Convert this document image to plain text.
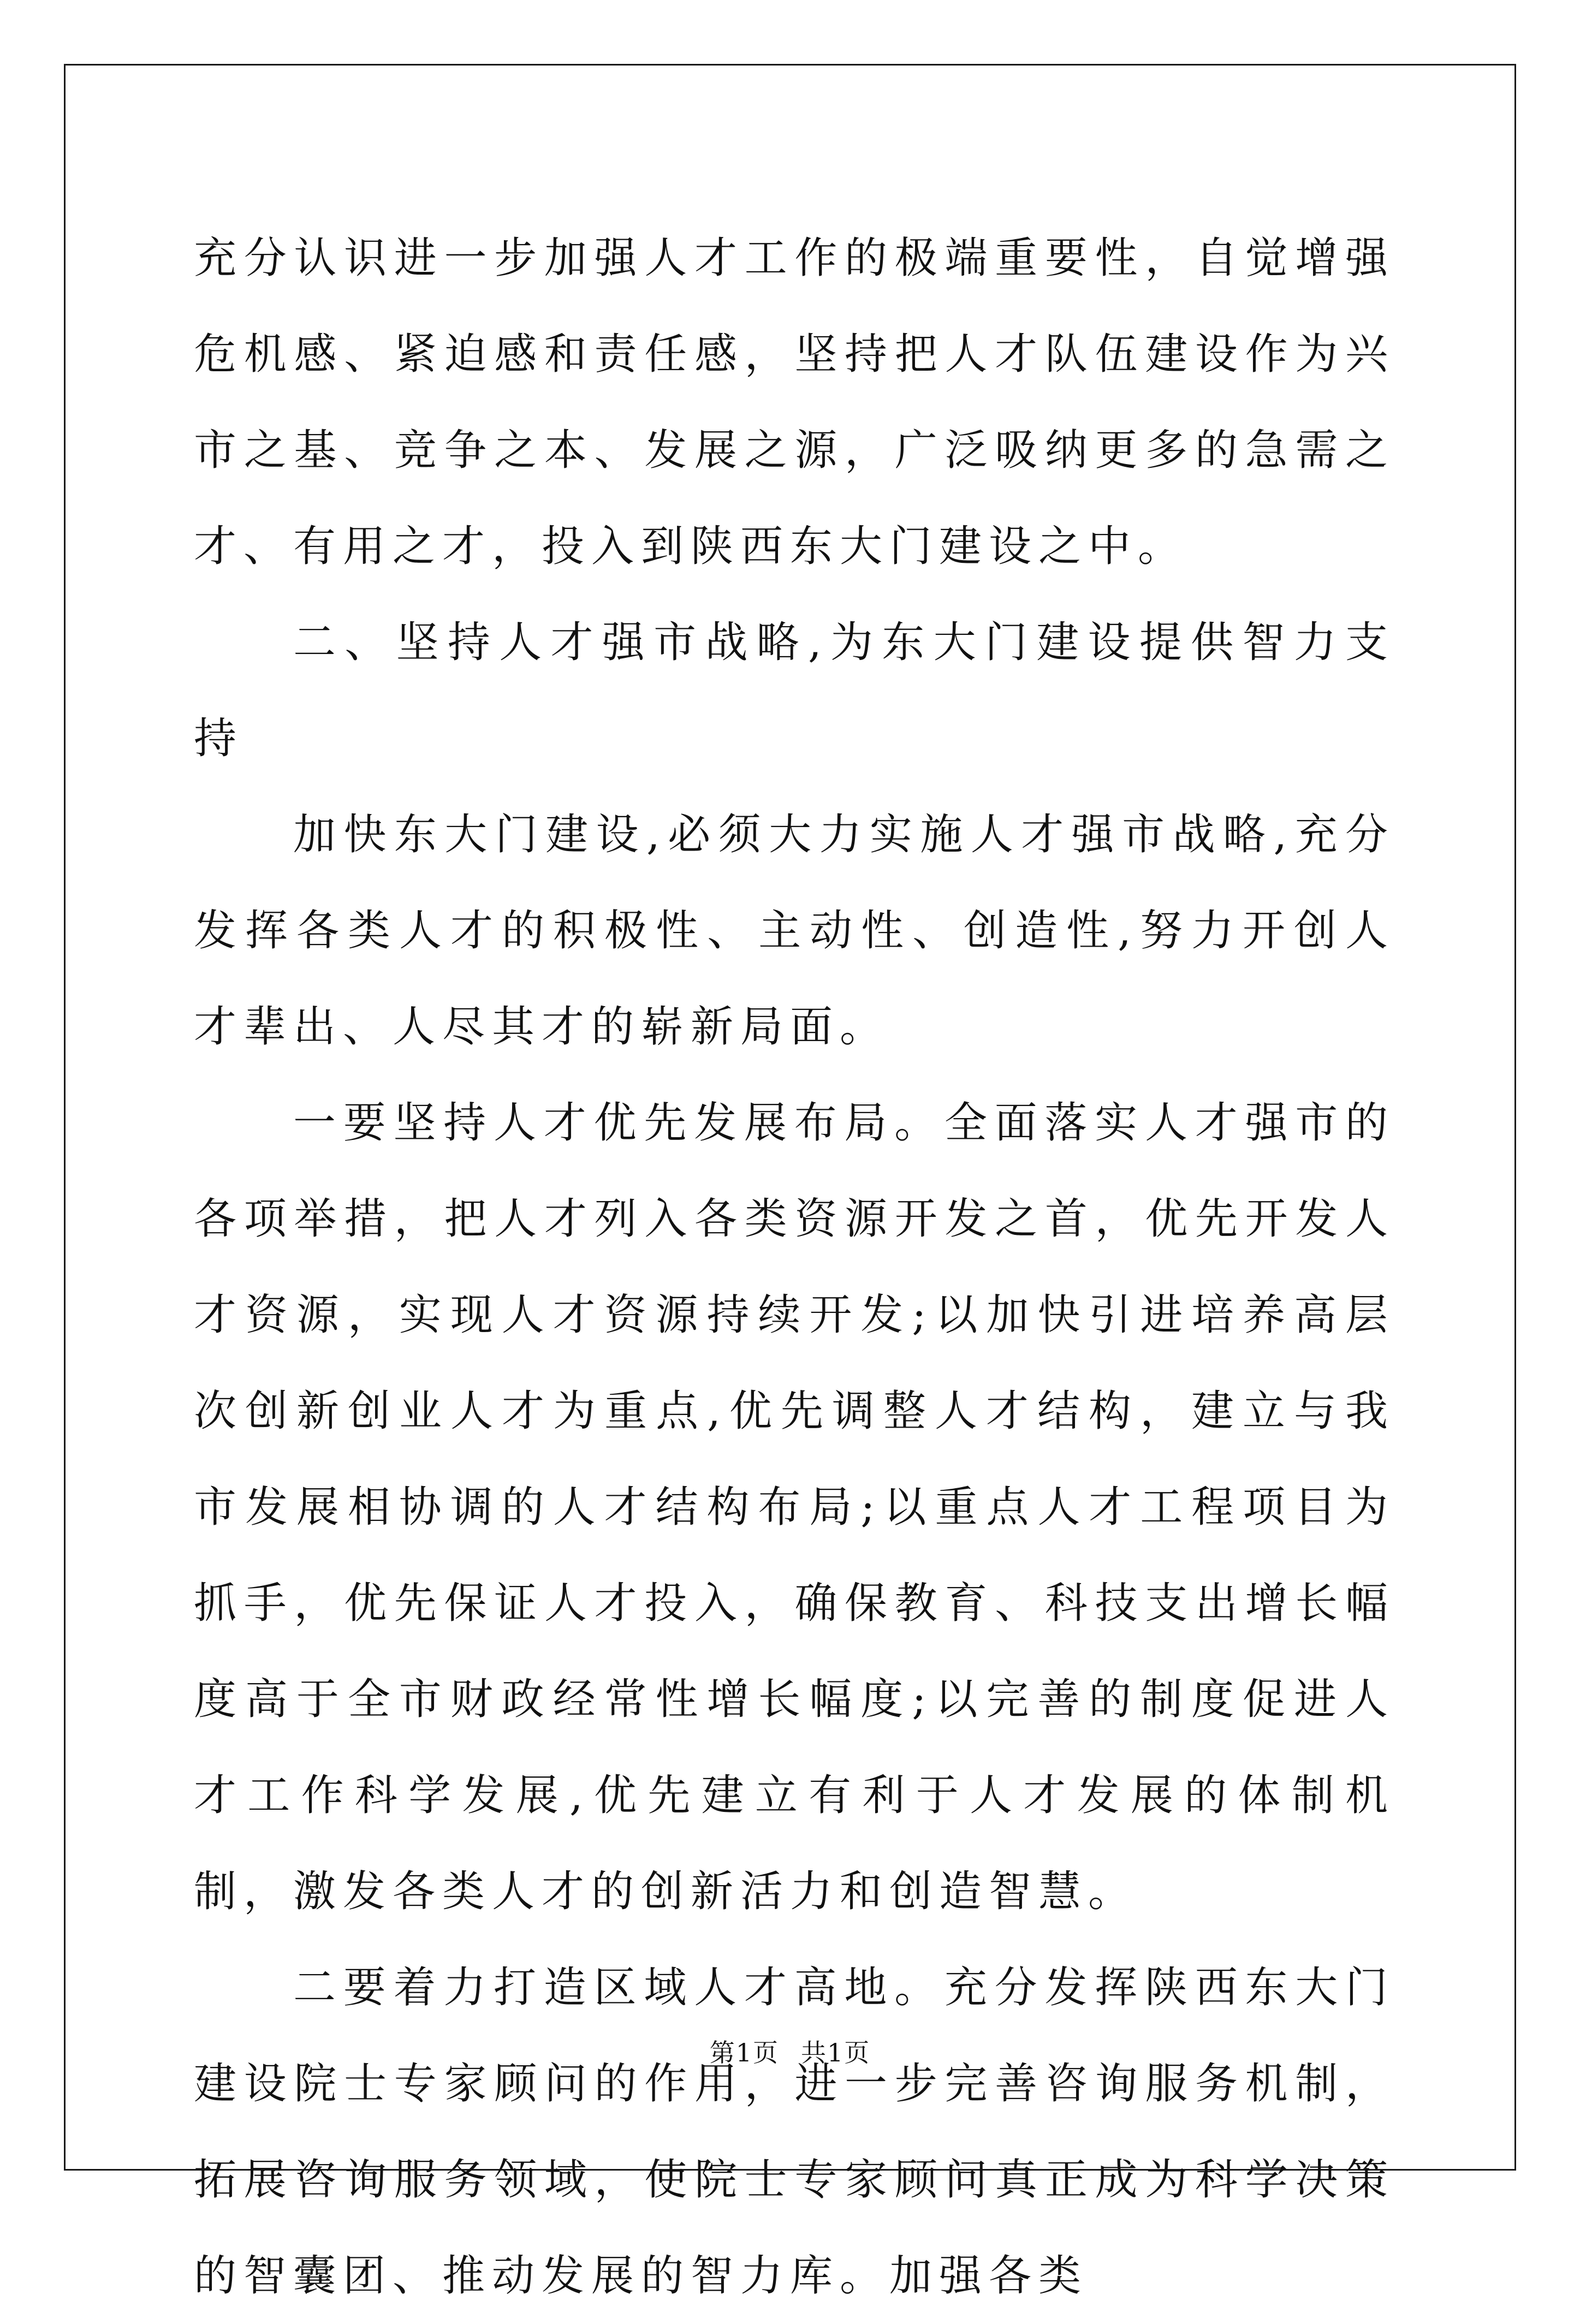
充分认识进一步加强人才工作的极端重要性，自觉增强危机感、紧迫感和责任感，坚持把人才队伍建设作为兴市之基、竞争之本、发展之源，广泛吸纳更多的急需之才、有用之才，投入到陕西东大门建设之中。

二、坚持人才强市战略,为东大门建设提供智力支持

加快东大门建设,必须大力实施人才强市战略,充分发挥各类人才的积极性、主动性、创造性,努力开创人才辈出、人尽其才的崭新局面。

一要坚持人才优先发展布局。全面落实人才强市的各项举措，把人才列入各类资源开发之首，优先开发人才资源，实现人才资源持续开发;以加快引进培养高层次创新创业人才为重点,优先调整人才结构，建立与我市发展相协调的人才结构布局;以重点人才工程项目为抓手，优先保证人才投入，确保教育、科技支出增长幅度高于全市财政经常性增长幅度;以完善的制度促进人才工作科学发展,优先建立有利于人才发展的体制机制，激发各类人才的创新活力和创造智慧。

二要着力打造区域人才高地。充分发挥陕西东大门建设院士专家顾问的作用，进一步完善咨询服务机制，拓展咨询服务领域，使院士专家顾问真正成为科学决策的智囊团、推动发展的智力库。加强各类

第1页 共1页
